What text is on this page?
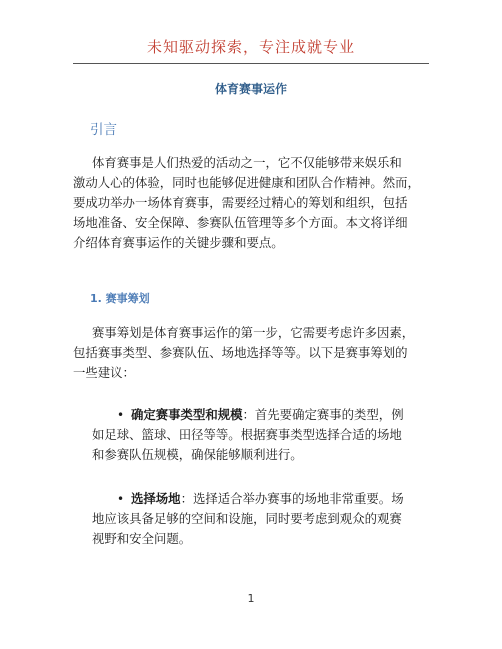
未知驱动探索，专注成就专业
体育赛事运作
引言
体育赛事是人们热爱的活动之一，它不仅能够带来娱乐和
激动人心的体验，同时也能够促进健康和团队合作精神。然而，
要成功举办一场体育赛事，需要经过精心的筹划和组织，包括
场地准备、安全保障、参赛队伍管理等多个方面。本文将详细
介绍体育赛事运作的关键步骤和要点。
1. 赛事筹划
赛事筹划是体育赛事运作的第一步，它需要考虑许多因素，
包括赛事类型、参赛队伍、场地选择等等。以下是赛事筹划的
一些建议：
• 确定赛事类型和规模：首先要确定赛事的类型，例
如足球、篮球、田径等等。根据赛事类型选择合适的场地
和参赛队伍规模，确保能够顺利进行。
• 选择场地：选择适合举办赛事的场地非常重要。场
地应该具备足够的空间和设施，同时要考虑到观众的观赛
视野和安全问题。
1
